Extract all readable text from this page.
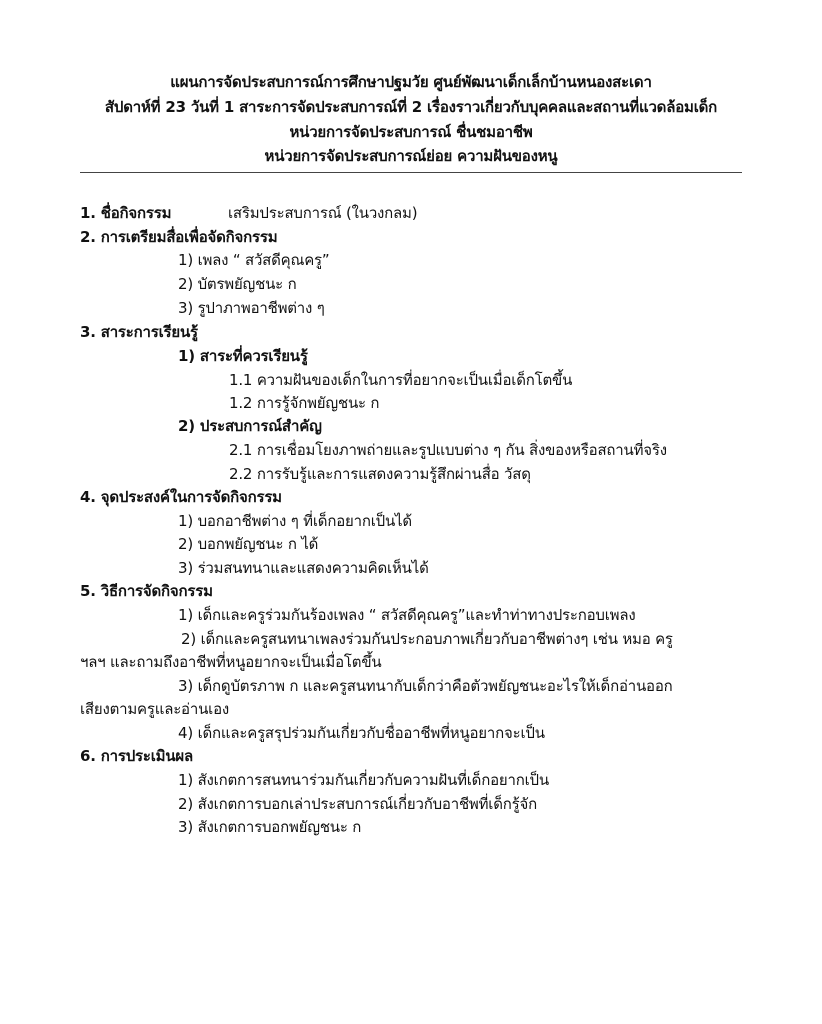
แผนการจัดประสบการณ์การศึกษาปฐมวัย ศูนย์พัฒนาเด็กเล็กบ้านหนองสะเดา
สัปดาห์ที่ 23 วันที่ 1 สาระการจัดประสบการณ์ที่ 2 เรื่องราวเกี่ยวกับบุคคลและสถานที่แวดล้อมเด็ก
หน่วยการจัดประสบการณ์ ชื่นชมอาชีพ
หน่วยการจัดประสบการณ์ย่อย ความฝันของหนู
1. ชื่อกิจกรรม	เสริมประสบการณ์ (ในวงกลม)
2. การเตรียมสื่อเพื่อจัดกิจกรรม
1) เพลง “ สวัสดีคุณครู”
2) บัตรพยัญชนะ ก
3) รูปาภาพอาชีพต่าง ๆ
3. สาระการเรียนรู้
1) สาระที่ควรเรียนรู้
1.1 ความฝันของเด็กในการที่อยากจะเป็นเมื่อเด็กโตขึ้น
1.2 การรู้จักพยัญชนะ ก
2) ประสบการณ์สำคัญ
2.1 การเชื่อมโยงภาพถ่ายและรูปแบบต่าง ๆ กัน สิ่งของหรือสถานที่จริง
2.2 การรับรู้และการแสดงความรู้สึกผ่านสื่อ วัสดุ
4. จุดประสงค์ในการจัดกิจกรรม
1) บอกอาชีพต่าง ๆ ที่เด็กอยากเป็นได้
2) บอกพยัญชนะ ก ได้
3) ร่วมสนทนาและแสดงความคิดเห็นได้
5. วิธีการจัดกิจกรรม
1) เด็กและครูร่วมกันร้องเพลง “ สวัสดีคุณครู”และทำท่าทางประกอบเพลง
2) เด็กและครูสนทนาเพลงร่วมกันประกอบภาพเกี่ยวกับอาชีพต่างๆ เช่น หมอ ครู
ฯลฯ และถามถึงอาชีพที่หนูอยากจะเป็นเมื่อโตขึ้น
3) เด็กดูบัตรภาพ ก และครูสนทนากับเด็กว่าคือตัวพยัญชนะอะไรให้เด็กอ่านออก
เสียงตามครูและอ่านเอง
4) เด็กและครูสรุปร่วมกันเกี่ยวกับชื่ออาชีพที่หนูอยากจะเป็น
6. การประเมินผล
1) สังเกตการสนทนาร่วมกันเกี่ยวกับความฝันที่เด็กอยากเป็น
2) สังเกตการบอกเล่าประสบการณ์เกี่ยวกับอาชีพที่เด็กรู้จัก
3) สังเกตการบอกพยัญชนะ ก
